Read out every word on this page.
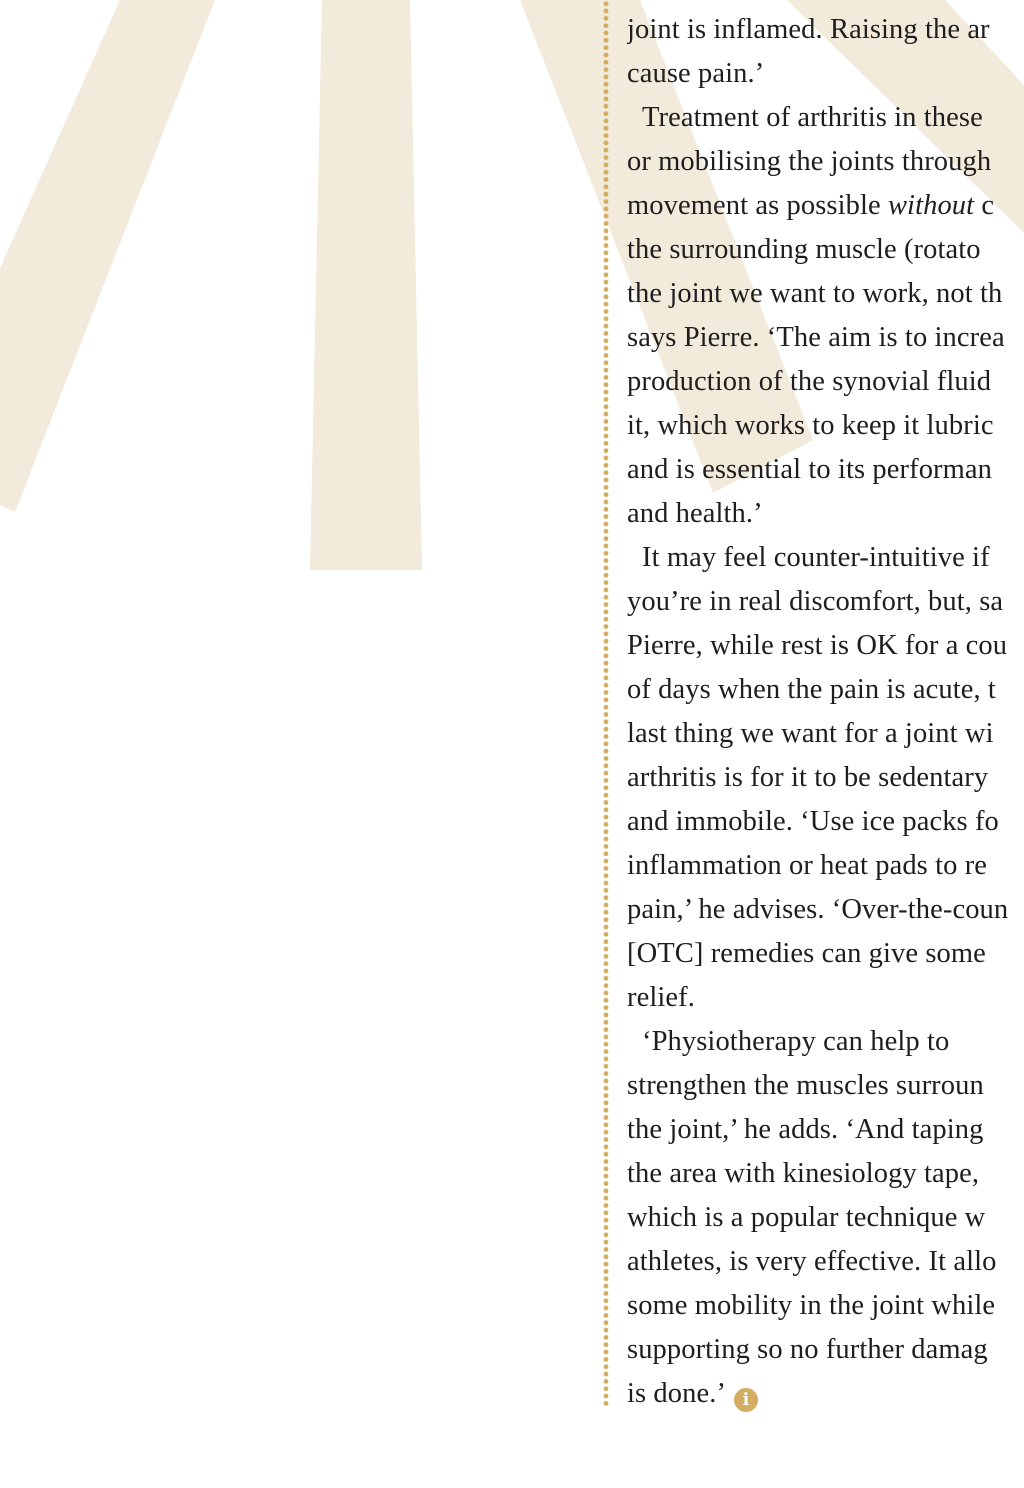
joint is inflamed. Raising the ar
cause pain.’
Treatment of arthritis in these
or mobilising the joints through
movement as possible without c
the surrounding muscle (rotato
the joint we want to work, not th
says Pierre. ‘The aim is to increa
production of the synovial fluid
it, which works to keep it lubric
and is essential to its performan
and health.’
It may feel counter-intuitive if
you’re in real discomfort, but, sa
Pierre, while rest is OK for a cou
of days when the pain is acute, t
last thing we want for a joint wi
arthritis is for it to be sedentary
and immobile. ‘Use ice packs fo
inflammation or heat pads to re
pain,’ he advises. ‘Over-the-coun
[OTC] remedies can give some
relief.
‘Physiotherapy can help to
strengthen the muscles surroun
the joint,’ he adds. ‘And taping
the area with kinesiology tape,
which is a popular technique w
athletes, is very effective. It allo
some mobility in the joint while
supporting so no further damag
is done.’ i
